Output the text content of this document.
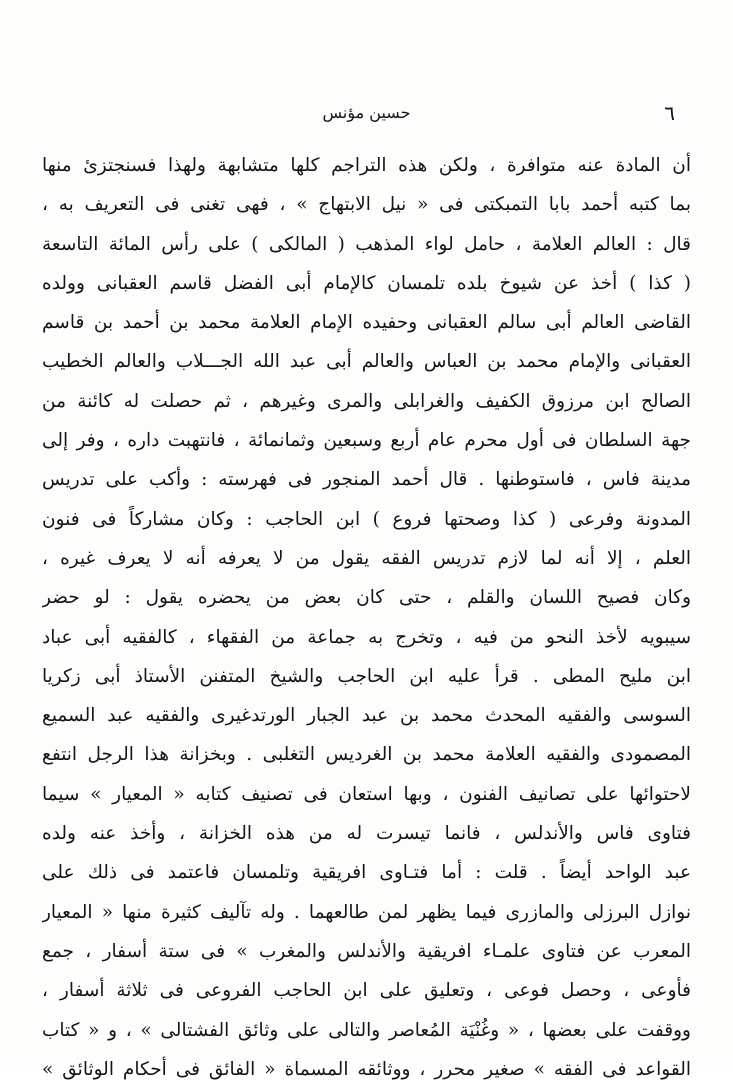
حسين مؤنس	٦
أن المادة عنه متوافرة ، ولكن هذه التراجم كلها متشابهة ولهذا فسنجتزئ منها
بما كتبه أحمد بابا التمبكتى فى « نيل الابتهاج » ، فهى تغنى فى التعريف به ،
قال : العالم العلامة ، حامل لواء المذهب ( المالكى ) على رأس المائة التاسعة
( كذا ) أخذ عن شيوخ بلده تلمسان كالإمام أبى الفضل قاسم العقبانى وولده
القاضى العالم أبى سالم العقبانى وحفيده الإمام العلامة محمد بن أحمد بن قاسم
العقبانى والإمام محمد بن العباس والعالم أبى عبد الله الجـــلاب والعالم الخطيب
الصالح ابن مرزوق الكفيف والغرابلى والمرى وغيرهم ، ثم حصلت له كائنة من
جهة السلطان فى أول محرم عام أربع وسبعين وثمانمائة ، فانتهبت داره ، وفر إلى
مدينة فاس ، فاستوطنها . قال أحمد المنجور فى فهرسته : وأكب على تدريس
المدونة وفرعى ( كذا وصحتها فروع ) ابن الحاجب : وكان مشاركاً فى فنون
العلم ، إلا أنه لما لازم تدريس الفقه يقول من لا يعرفه أنه لا يعرف غيره ،
وكان فصيح اللسان والقلم ، حتى كان بعض من يحضره يقول : لو حضر
سيبويه لأخذ النحو من فيه ، وتخرج به جماعة من الفقهاء ، كالفقيه أبى عباد
ابن مليح المطى . قرأ عليه ابن الحاجب والشيخ المتفنن الأستاذ أبى زكريا
السوسى والفقيه المحدث محمد بن عبد الجبار الورتدغيرى والفقيه عبد السميع
المصمودى والفقيه العلامة محمد بن الغرديس التغلبى . وبخزانة هذا الرجل انتفع
لاحتوائها على تصانيف الفنون ، وبها استعان فى تصنيف كتابه « المعيار » سيما
فتاوى فاس والأندلس ، فانما تيسرت له من هذه الخزانة ، وأخذ عنه ولده
عبد الواحد أيضاً . قلت : أما فتـاوى افريقية وتلمسان فاعتمد فى ذلك على
نوازل البرزلى والمازرى فيما يظهر لمن طالعهما . وله تآليف كثيرة منها « المعيار
المعرب عن فتاوى علمـاء افريقية والأندلس والمغرب » فى ستة أسفار ، جمع
فأوعى ، وحصل فوعى ، وتعليق على ابن الحاجب الفروعى فى ثلاثة أسفار ،
ووقفت على بعضها ، « وغُنْيَة المُعاصر والتالى على وثائق الفشتالى » ، و « كتاب
القواعد فى الفقه » صغير محرر ، ووثائقه المسماة « الفائق فى أحكام الوثائق »
